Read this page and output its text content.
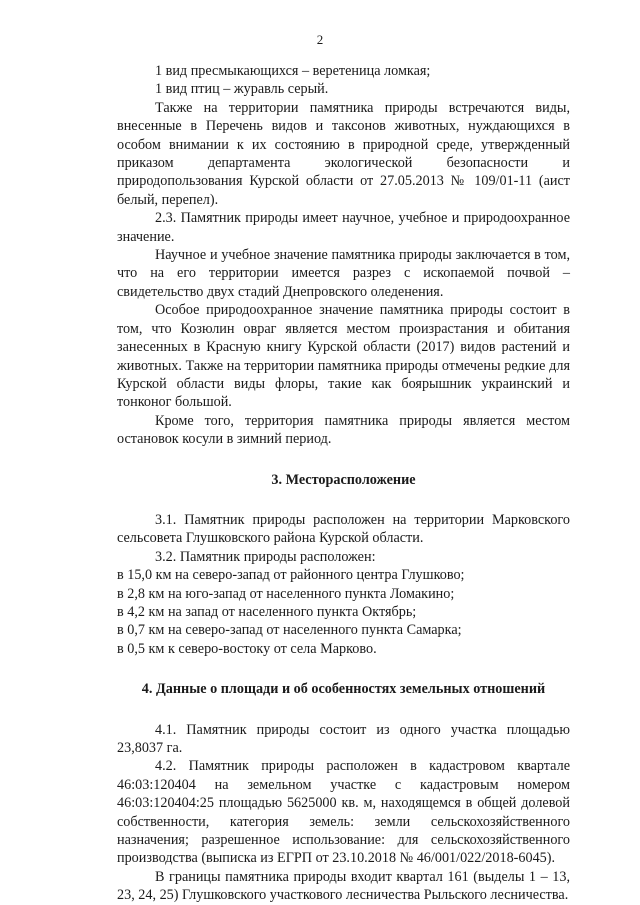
2

1 вид пресмыкающихся – веретеница ломкая;

1 вид птиц – журавль серый.

Также на территории памятника природы встречаются виды, внесенные в Перечень видов и таксонов животных, нуждающихся в особом внимании к их состоянию в природной среде, утвержденный приказом департамента экологической безопасности и природопользования Курской области от 27.05.2013 № 109/01-11 (аист белый, перепел).

2.3. Памятник природы имеет научное, учебное и природоохранное значение.

Научное и учебное значение памятника природы заключается в том, что на его территории имеется разрез с ископаемой почвой – свидетельство двух стадий Днепровского оледенения.

Особое природоохранное значение памятника природы состоит в том, что Козюлин овраг является местом произрастания и обитания занесенных в Красную книгу Курской области (2017) видов растений и животных. Также на территории памятника природы отмечены редкие для Курской области виды флоры, такие как боярышник украинский и тонконог большой.

Кроме того, территория памятника природы является местом остановок косули в зимний период.

3. Месторасположение

3.1. Памятник природы расположен на территории Марковского сельсовета Глушковского района Курской области.

3.2. Памятник природы расположен:

в 15,0 км на северо-запад от районного центра Глушково;

в 2,8 км на юго-запад от населенного пункта Ломакино;

в 4,2 км на запад от населенного пункта Октябрь;

в 0,7 км на северо-запад от населенного пункта Самарка;

в 0,5 км к северо-востоку от села Марково.

4. Данные о площади и об особенностях земельных отношений

4.1. Памятник природы состоит из одного участка площадью 23,8037 га.

4.2. Памятник природы расположен в кадастровом квартале 46:03:120404 на земельном участке с кадастровым номером 46:03:120404:25 площадью 5625000 кв. м, находящемся в общей долевой собственности, категория земель: земли сельскохозяйственного назначения; разрешенное использование: для сельскохозяйственного производства (выписка из ЕГРП от 23.10.2018 № 46/001/022/2018-6045).

В границы памятника природы входит квартал 161 (выделы 1 – 13, 23, 24, 25) Глушковского участкового лесничества Рыльского лесничества.
